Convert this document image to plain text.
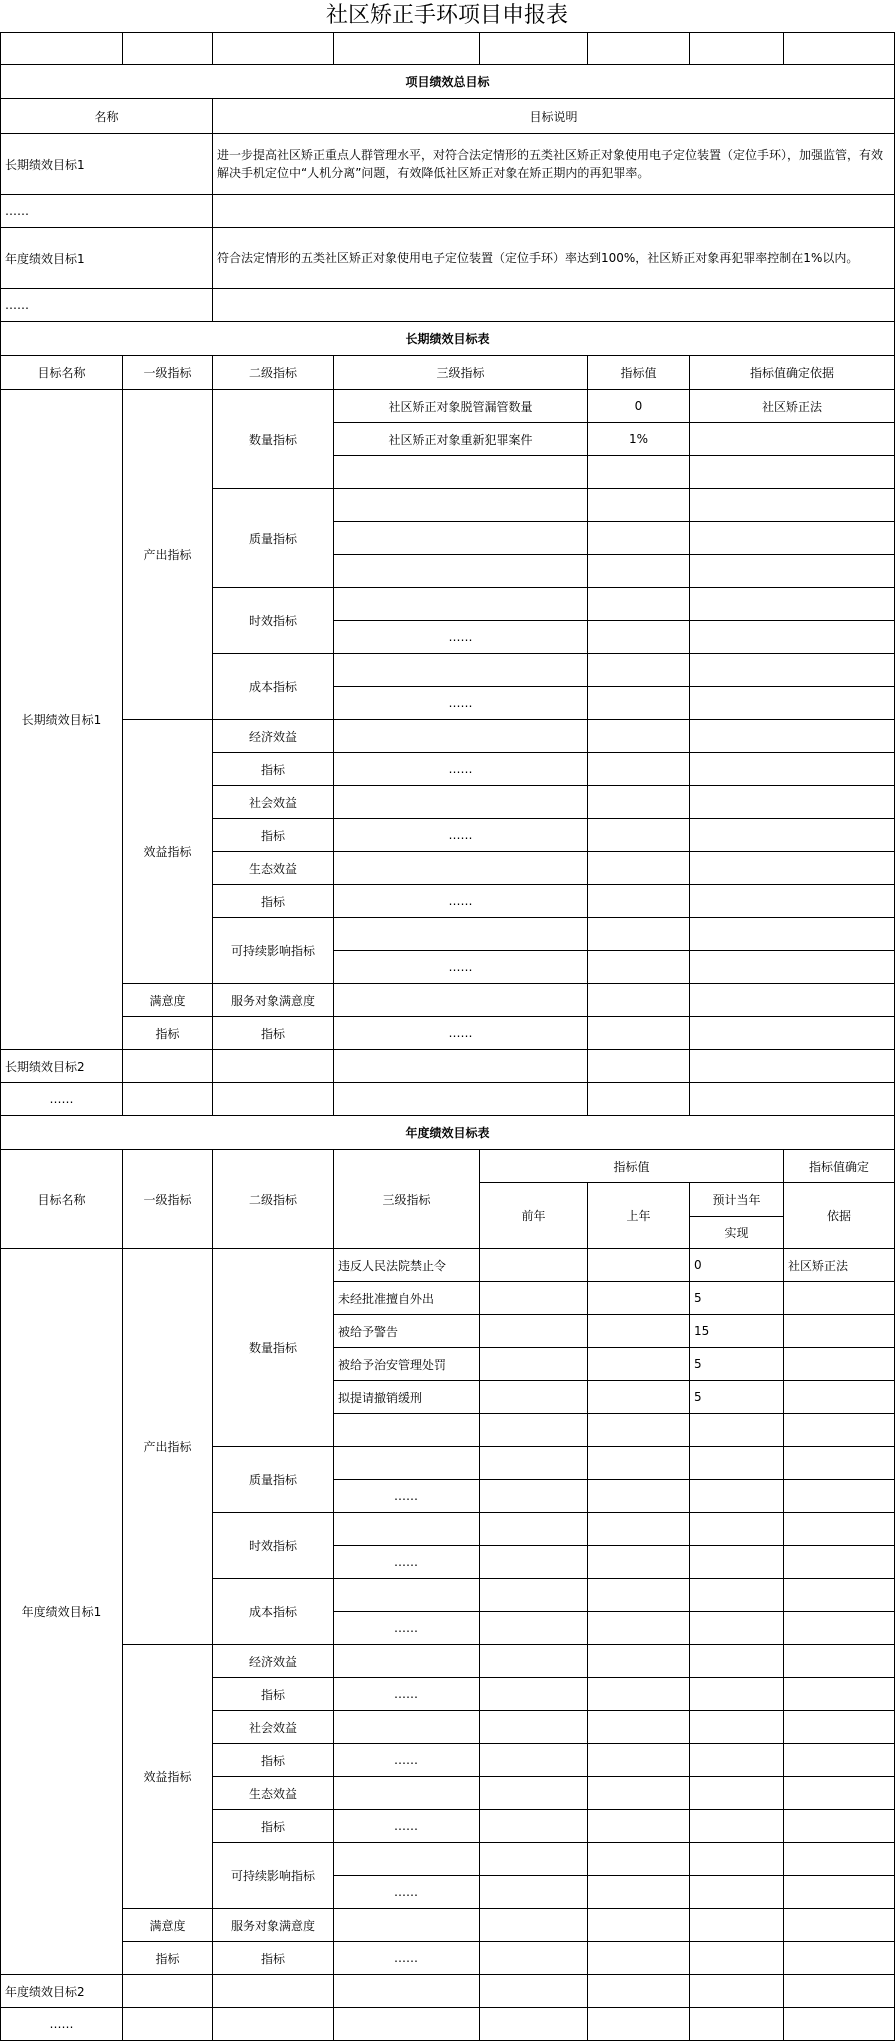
社区矫正手环项目申报表

项目绩效总目标							
名称		目标说明					
长期绩效目标1		进一步提高社区矫正重点人群管理水平，对符合法定情形的五类社区矫正对象使用电子定位装置（定位手环），加强监管，有效解决手机定位中“人机分离”问题，有效降低社区矫正对象在矫正期内的再犯罪率。					
……							
年度绩效目标1		符合法定情形的五类社区矫正对象使用电子定位装置（定位手环）率达到100%，社区矫正对象再犯罪率控制在1%以内。					
……							
长期绩效目标表							
目标名称	一级指标	二级指标	三级指标		指标值	指标值确定依据	
长期绩效目标1	产出指标	数量指标	社区矫正对象脱管漏管数量		0	社区矫正法	
			社区矫正对象重新犯罪案件		1%		

		质量指标					

		时效指标					
			……				
		成本指标					
			……				
	效益指标	经济效益					
		指标	……				
		社会效益					
		指标	……				
		生态效益					
		指标	……				
		可持续影响指标					
			……				
	满意度	服务对象满意度					
	指标	指标	……				
长期绩效目标2							
……							
年度绩效目标表							
目标名称	一级指标	二级指标	三级指标	指标值			指标值确定
				前年	上年	预计当年	依据
						实现	
年度绩效目标1	产出指标	数量指标	违反人民法院禁止令			0	社区矫正法
			未经批准擅自外出			5	
			被给予警告			15	
			被给予治安管理处罚			5	
			拟提请撤销缓刑			5	

		质量指标					
			……				
		时效指标					
			……				
		成本指标					
			……				
	效益指标	经济效益					
		指标	……				
		社会效益					
		指标	……				
		生态效益					
		指标	……				
		可持续影响指标					
			……				
	满意度	服务对象满意度					
	指标	指标	……				
年度绩效目标2							
……							
